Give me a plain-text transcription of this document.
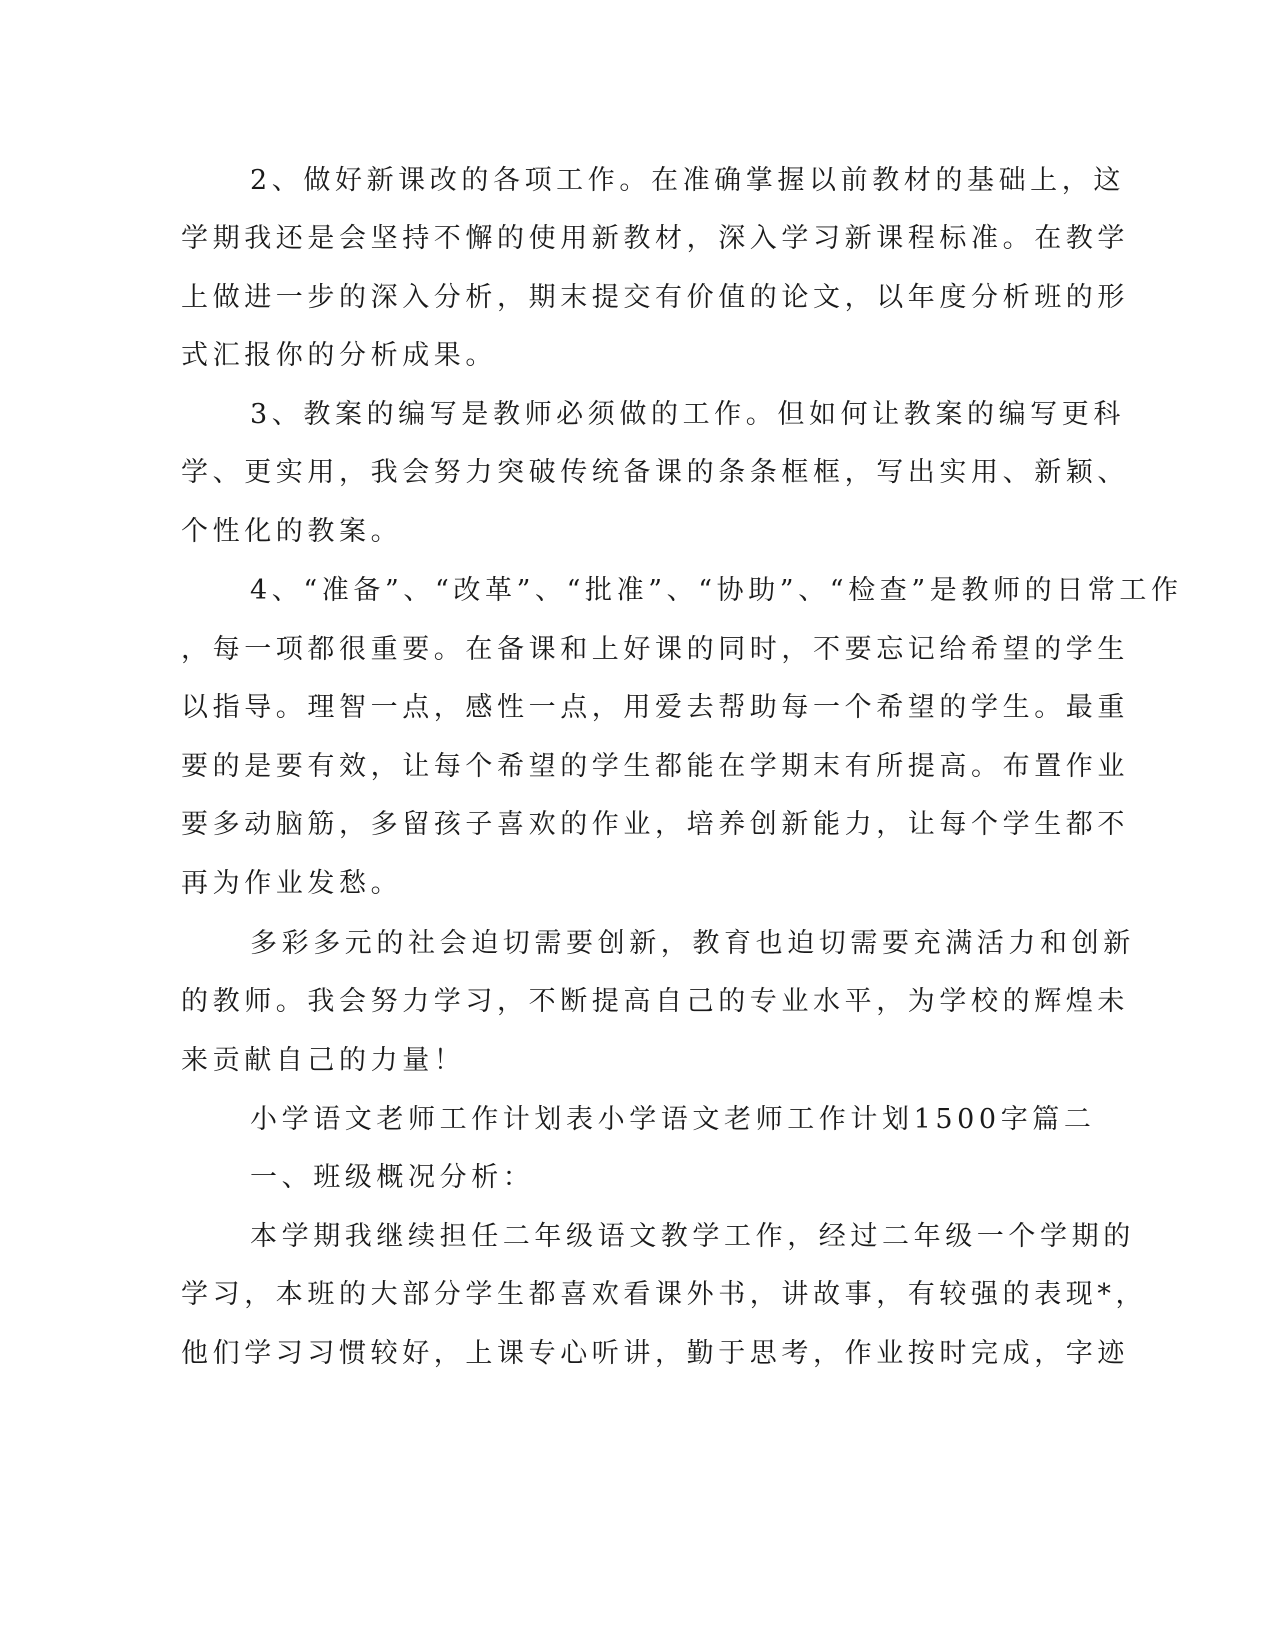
2、做好新课改的各项工作。在准确掌握以前教材的基础上，这
学期我还是会坚持不懈的使用新教材，深入学习新课程标准。在教学
上做进一步的深入分析，期末提交有价值的论文，以年度分析班的形
式汇报你的分析成果。
3、教案的编写是教师必须做的工作。但如何让教案的编写更科
学、更实用，我会努力突破传统备课的条条框框，写出实用、新颖、
个性化的教案。
4、“准备”、“改革”、“批准”、“协助”、“检查”是教师的日常工作
，每一项都很重要。在备课和上好课的同时，不要忘记给希望的学生
以指导。理智一点，感性一点，用爱去帮助每一个希望的学生。最重
要的是要有效，让每个希望的学生都能在学期末有所提高。布置作业
要多动脑筋，多留孩子喜欢的作业，培养创新能力，让每个学生都不
再为作业发愁。
多彩多元的社会迫切需要创新，教育也迫切需要充满活力和创新
的教师。我会努力学习，不断提高自己的专业水平，为学校的辉煌未
来贡献自己的力量！
小学语文老师工作计划表小学语文老师工作计划1500字篇二
一、班级概况分析：
本学期我继续担任二年级语文教学工作，经过二年级一个学期的
学习，本班的大部分学生都喜欢看课外书，讲故事，有较强的表现*，
他们学习习惯较好，上课专心听讲，勤于思考，作业按时完成，字迹
